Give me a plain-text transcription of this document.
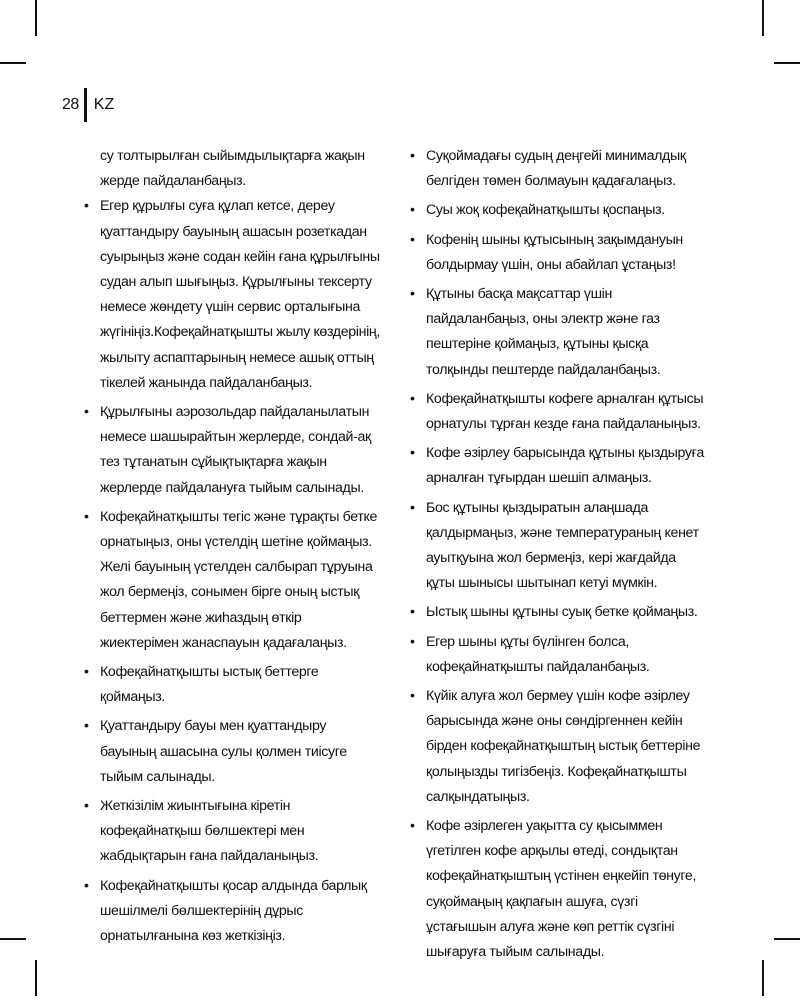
28 KZ

су толтырылған сыйымдылықтарға жақын жерде пайдаланбаңыз.

• Егер құрылғы суға құлап кетсе, дереу қуаттандыру бауының ашасын розеткадан суырыңыз және содан кейін ғана құрылғыны судан алып шығыңыз. Құрылғыны тексерту немесе жөндету үшін сервис орталығына жүгініңіз.Кофеқайнатқышты жылу көздерінің, жылыту аспаптарының немесе ашық оттың тікелей жанында пайдаланбаңыз.
• Құрылғыны аэрозольдар пайдаланылатын немесе шашырайтын жерлерде, сондай-ақ тез тұтанатын сұйықтықтарға жақын жерлерде пайдалануға тыйым салынады.
• Кофеқайнатқышты тегіс және тұрақты бетке орнатыңыз, оны үстелдің шетіне қоймаңыз. Желі бауының үстелден салбырап тұруына жол бермеңіз, сонымен бірге оның ыстық беттермен және жиһаздың өткір жиектерімен жанаспауын қадағалаңыз.
• Кофеқайнатқышты ыстық беттерге қоймаңыз.
• Қуаттандыру бауы мен қуаттандыру бауының ашасына сулы қолмен тиісуге тыйым салынады.
• Жеткізілім жиынтығына кіретін кофеқайнатқыш бөлшектері мен жабдықтарын ғана пайдаланыңыз.
• Кофеқайнатқышты қосар алдында барлық шешілмелі бөлшектерінің дұрыс орнатылғанына көз жеткізіңіз.
• Суқоймадағы судың деңгейі минималдық белгіден төмен болмауын қадағалаңыз.
• Суы жоқ кофеқайнатқышты қоспаңыз.
• Кофенің шыны құтысының зақымдануын болдырмау үшін, оны абайлап ұстаңыз!
• Құтыны басқа мақсаттар үшін пайдаланбаңыз, оны электр және газ пештеріне қоймаңыз, құтыны қысқа толқынды пештерде пайдаланбаңыз.
• Кофеқайнатқышты кофеге арналған құтысы орнатулы тұрған кезде ғана пайдаланыңыз.
• Кофе әзірлеу барысында құтыны қыздыруға арналған тұғырдан шешіп алмаңыз.
• Бос құтыны қыздыратын алаңшада қалдырмаңыз, және температураның кенет ауытқуына жол бермеңіз, кері жағдайда құты шынысы шытынап кетуі мүмкін.
• Ыстық шыны құтыны суық бетке қоймаңыз.
• Егер шыны құты бүлінген болса, кофеқайнатқышты пайдаланбаңыз.
• Күйік алуға жол бермеу үшін кофе әзірлеу барысында және оны сөндіргеннен кейін бірден кофеқайнатқыштың ыстық беттеріне қолыңызды тигізбеңіз. Кофеқайнатқышты салқындатыңыз.
• Кофе әзірлеген уақытта су қысыммен үгетілген кофе арқылы өтеді, сондықтан кофеқайнатқыштың үстінен еңкейіп төнуге, суқоймаңың қақпағын ашуға, сүзгі ұстағышын алуға және көп реттік сүзгіні шығаруға тыйым салынады.
